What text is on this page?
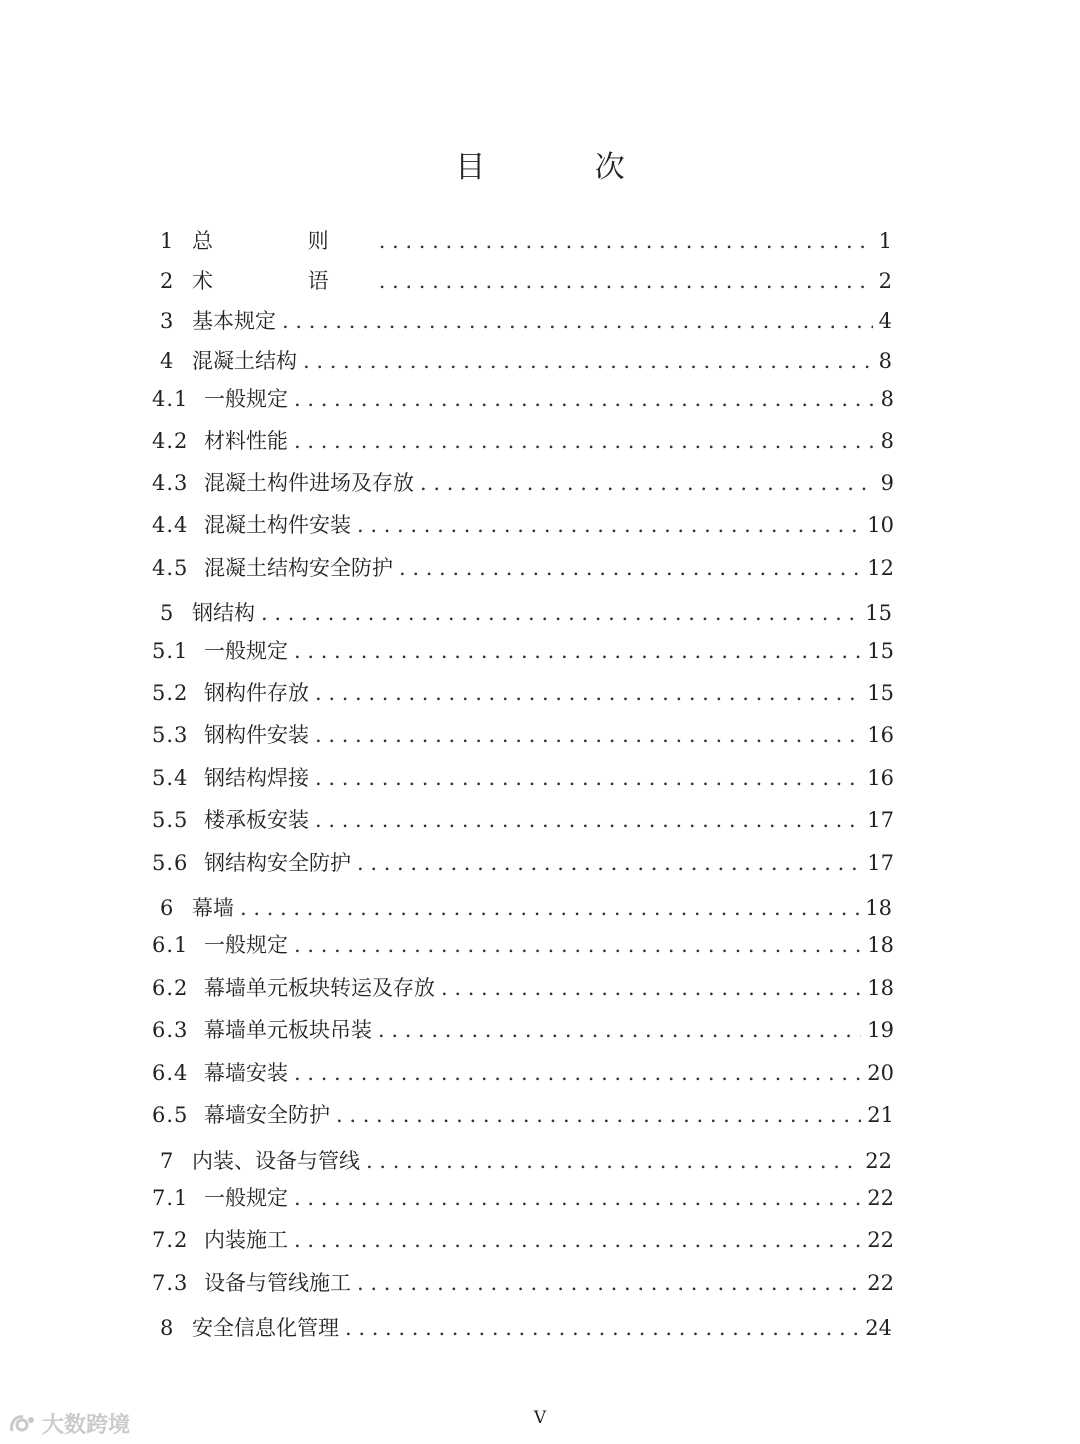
目 次
1 总 则 . . .	1
2 术 语 . . .	2
3 基本规定 . . .	4
4 混凝土结构 . . .	8
4.1 一般规定 . . .	8
4.2 材料性能 . . .	8
4.3 混凝土构件进场及存放 . . .	9
4.4 混凝土构件安装 . . .	10
4.5 混凝土结构安全防护 . . .	12
5 钢结构 . . .	15
5.1 一般规定 . . .	15
5.2 钢构件存放 . . .	15
5.3 钢构件安装 . . .	16
5.4 钢结构焊接 . . .	16
5.5 楼承板安装 . . .	17
5.6 钢结构安全防护 . . .	17
6 幕墙 . . .	18
6.1 一般规定 . . .	18
6.2 幕墙单元板块转运及存放 . . .	18
6.3 幕墙单元板块吊装 . . .	19
6.4 幕墙安装 . . .	20
6.5 幕墙安全防护 . . .	21
7 内装、设备与管线 . . .	22
7.1 一般规定 . . .	22
7.2 内装施工 . . .	22
7.3 设备与管线施工 . . .	22
8 安全信息化管理 . . .	24
V
大数跨境
